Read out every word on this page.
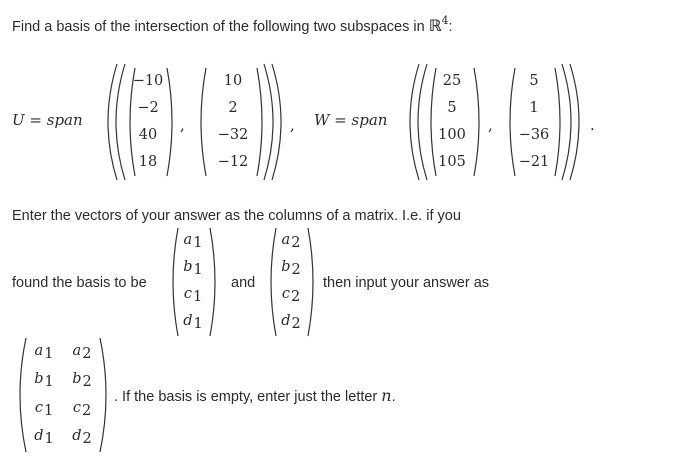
Find a basis of the intersection of the following two subspaces in ℝ$^4$:
U = span
−10
−2
40
18
,
10
2
−32
−12
, W = span
25
5
100
105
,
5
1
−36
−21
.
Enter the vectors of your answer as the columns of a matrix. I.e. if you
found the basis to be
a1
b1
c1
d1
and
a2
b2
c2
d2
then input your answer as
a1
b1
c1
d1
a2
b2
c2
d2
. If the basis is empty, enter just the letter n.
